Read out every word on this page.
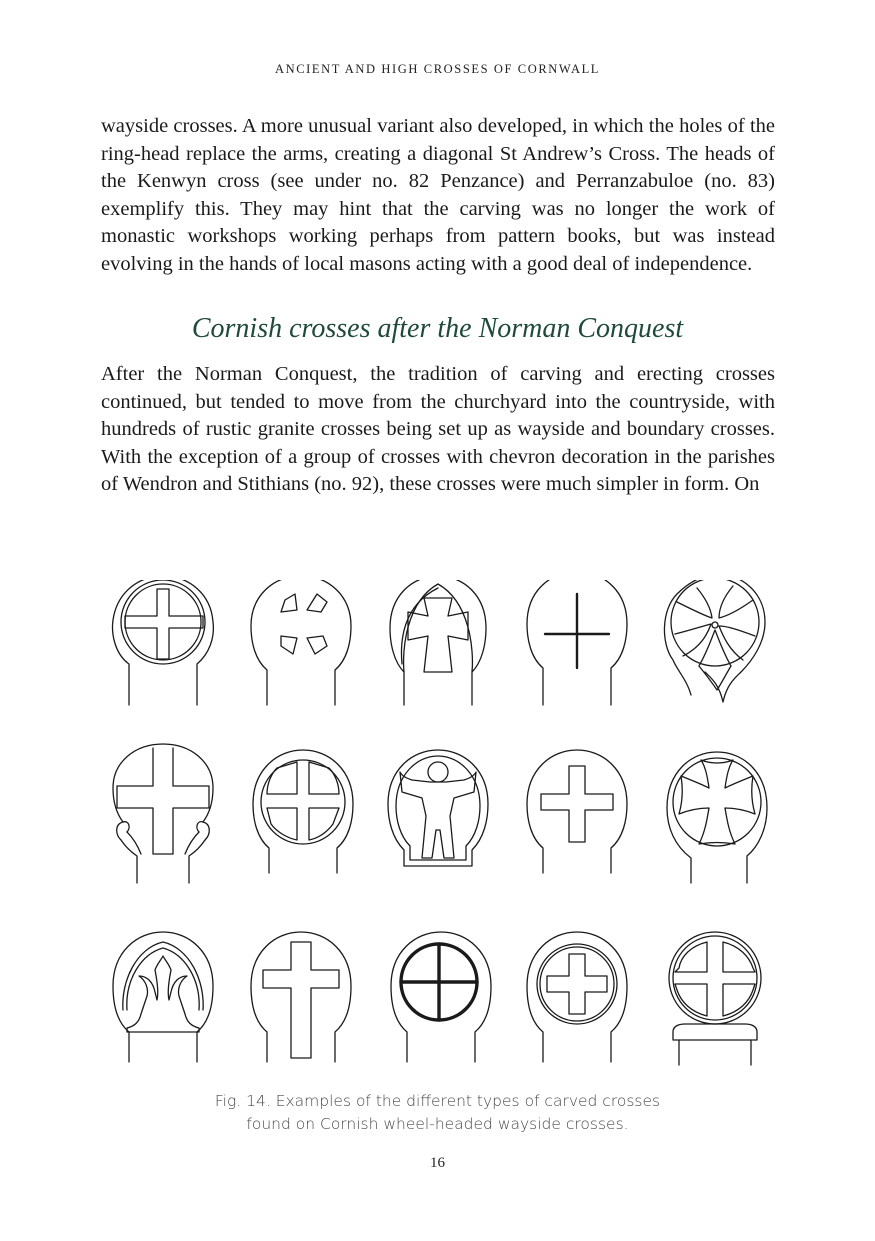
ANCIENT AND HIGH CROSSES OF CORNWALL

wayside crosses. A more unusual variant also developed, in which the holes of the ring-head replace the arms, creating a diagonal St Andrew’s Cross. The heads of the Kenwyn cross (see under no. 82 Penzance) and Perranzabuloe (no. 83) exemplify this. They may hint that the carving was no longer the work of monastic workshops working perhaps from pattern books, but was instead evolving in the hands of local masons acting with a good deal of independence.

Cornish crosses after the Norman Conquest

After the Norman Conquest, the tradition of carving and erecting crosses continued, but tended to move from the churchyard into the countryside, with hundreds of rustic granite crosses being set up as wayside and boundary crosses. With the exception of a group of crosses with chevron decoration in the parishes of Wendron and Stithians (no. 92), these crosses were much simpler in form. On

Fig. 14. Examples of the different types of carved crosses
found on Cornish wheel-headed wayside crosses.
16
